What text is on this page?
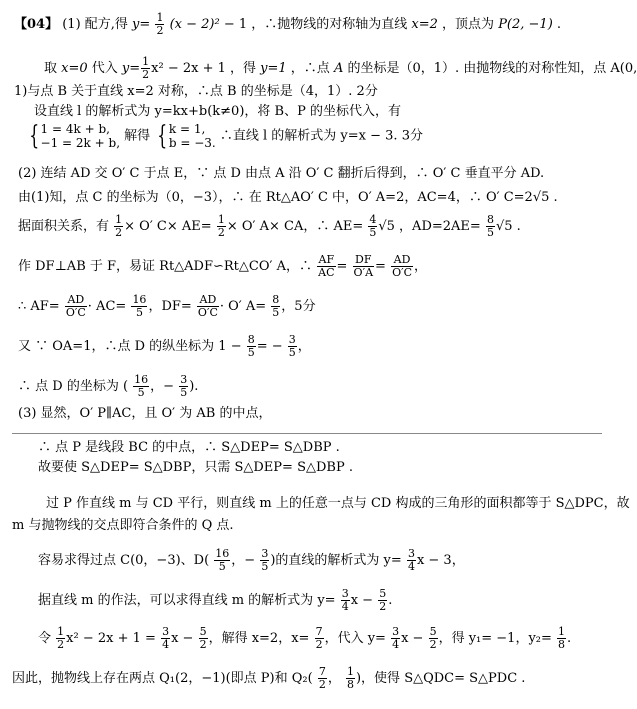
【04】 (1) 配方,得 $y= \frac{1}{2} (x - 2)^2 - 1$ ，∴抛物线的对称轴为直线 x=2 ，顶点为 P(2, −1) .
取 x=0 代入 $y= \frac{1}{2} x^2 - 2x + 1$ ，得 y=1 ，∴点 A 的坐标是（0，1）. 由抛物线的对称性知，点 A(0,
1)与点 B 关于直线 x=2 对称，∴点 B 的坐标是（4，1）. 2分
设直线 l 的解析式为 y=kx+b(k≠0)，将 B、P 的坐标代入，有
{ 1 = 4k + b,
−1 = 2k + b, 解得 { k = 1,
b = −3. ∴直线 l 的解析式为 y=x − 3. 3分
(2) 连结 AD 交 O′ C 于点 E，∵ 点 D 由点 A 沿 O′ C 翻折后得到，∴ O′ C 垂直平分 AD.
由(1)知，点 C 的坐标为（0，−3），∴ 在 Rt△AO′ C 中，O′ A=2，AC=4，∴ O′ C=2√5 .
据面积关系，有 $\frac{1}{2} \times O'$ $C\times AE= \frac{1}{2} \times O'$ A× CA，∴ $AE= \frac{4}{5} √5$ ，$AD=2AE= \frac{8}{5} √5$ .
作 DF⊥AB 于 F，易证 Rt△ADF∽Rt△CO′ A，∴ $\frac{AF}{AC} = \frac{DF}{O'A} = \frac{AD}{O'C}$ ，
∴ $AF= \frac{AD}{O'C} \cdot AC= \frac{16}{5}$ ，$DF= \frac{AD}{O'C} \cdot O'$ $A= \frac{8}{5}$ ，5分
又 ∵ OA=1，∴点 D 的纵坐标为 $1 - \frac{8}{5}$ = − $\frac{3}{5}$ ，
∴ 点 D 的坐标为 ( $\frac{16}{5}$ ，− $\frac{3}{5}$ ).
(3) 显然，O′ P∥AC，且 O′ 为 AB 的中点，
∴ 点 P 是线段 BC 的中点，∴ S△DEP= S△DBP .
故要使 S△DEP= S△DBP，只需 S△DEP= S△DBP .
过 P 作直线 m 与 CD 平行，则直线 m 上的任意一点与 CD 构成的三角形的面积都等于 S△DPC，故
m 与抛物线的交点即符合条件的 Q 点.
容易求得过点 C(0，−3)、$D( \frac{16}{5}$ ，− $\frac{3}{5}$ )的直线的解析式为 $y= \frac{3}{4}$ x − 3，
据直线 m 的作法，可以求得直线 m 的解析式为 $y= \frac{3}{4}$ $x - \frac{5}{2}$ .
令 $\frac{1}{2} x^2 - 2x + 1 = \frac{3}{4}$ $x - \frac{5}{2}$ ，解得 x=2，$x= \frac{7}{2}$ ，代入 $y= \frac{3}{4}$ $x - \frac{5}{2}$ ，得 y₁= −1，$y_2= \frac{1}{8}$ .
因此，抛物线上存在两点 Q₁(2，−1)(即点 P)和 $Q_2( \frac{7}{2}$ ， $\frac{1}{8}$ )，使得 S△QDC= S△PDC .
